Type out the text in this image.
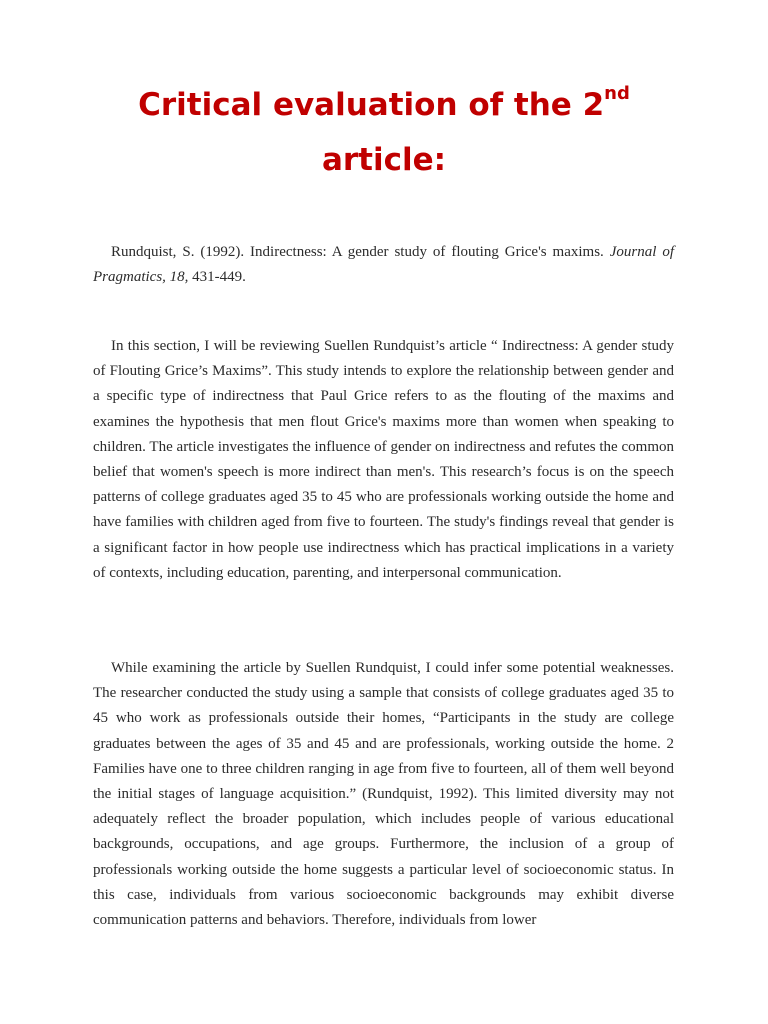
Critical evaluation of the 2nd
article:

Rundquist, S. (1992). Indirectness: A gender study of flouting Grice's maxims. Journal of Pragmatics, 18, 431-449.

In this section, I will be reviewing Suellen Rundquist’s article “ Indirectness: A gender study of Flouting Grice’s Maxims”. This study intends to explore the relationship between gender and a specific type of indirectness that Paul Grice refers to as the flouting of the maxims and examines the hypothesis that men flout Grice's maxims more than women when speaking to children. The article investigates the influence of gender on indirectness and refutes the common belief that women's speech is more indirect than men's. This research’s focus is on the speech patterns of college graduates aged 35 to 45 who are professionals working outside the home and have families with children aged from five to fourteen. The study's findings reveal that gender is a significant factor in how people use indirectness which has practical implications in a variety of contexts, including education, parenting, and interpersonal communication.

While examining the article by Suellen Rundquist, I could infer some potential weaknesses. The researcher conducted the study using a sample that consists of college graduates aged 35 to 45 who work as professionals outside their homes, “Participants in the study are college graduates between the ages of 35 and 45 and are professionals, working outside the home. 2 Families have one to three children ranging in age from five to fourteen, all of them well beyond the initial stages of language acquisition.” (Rundquist, 1992). This limited diversity may not adequately reflect the broader population, which includes people of various educational backgrounds, occupations, and age groups. Furthermore, the inclusion of a group of professionals working outside the home suggests a particular level of socioeconomic status. In this case, individuals from various socioeconomic backgrounds may exhibit diverse communication patterns and behaviors. Therefore, individuals from lower
